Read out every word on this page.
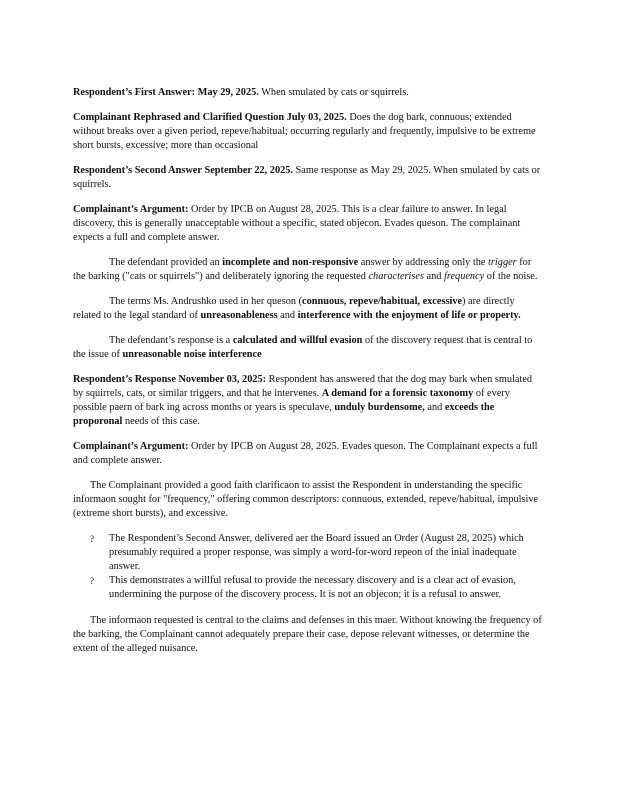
Respondent’s First Answer: May 29, 2025. When smulated by cats or squirrels.

Complainant Rephrased and Clarified Question July 03, 2025. Does the dog bark, connuous; extended without breaks over a given period, repeve/habitual; occurring regularly and frequently, impulsive to be extreme short bursts, excessive; more than occasional

Respondent’s Second Answer September 22, 2025. Same response as May 29, 2025. When smulated by cats or squirrels.

Complainant’s Argument: Order by IPCB on August 28, 2025. This is a clear failure to answer. In legal discovery, this is generally unacceptable without a specific, stated objecon. Evades queson. The complainant expects a full and complete answer.

The defendant provided an incomplete and non-responsive answer by addressing only the trigger for the barking ("cats or squirrels") and deliberately ignoring the requested characterises and frequency of the noise.

The terms Ms. Andrushko used in her queson (connuous, repeve/habitual, excessive) are directly related to the legal standard of unreasonableness and interference with the enjoyment of life or property.

The defendant’s response is a calculated and willful evasion of the discovery request that is central to the issue of unreasonable noise interference

Respondent’s Response November 03, 2025: Respondent has answered that the dog may bark when smulated by squirrels, cats, or similar triggers, and that he intervenes. A demand for a forensic taxonomy of every possible paern of bark ing across months or years is speculave, unduly burdensome, and exceeds the proporonal needs of this case.

Complainant’s Argument: Order by IPCB on August 28, 2025. Evades queson. The Complainant expects a full and complete answer.

The Complainant provided a good faith clarificaon to assist the Respondent in understanding the specific informaon sought for "frequency," offering common descriptors: connuous, extended, repeve/habitual, impulsive (extreme short bursts), and excessive.

? The Respondent’s Second Answer, delivered aer the Board issued an Order (August 28, 2025) which presumably required a proper response, was simply a word-for-word repeon of the inial inadequate answer.
? This demonstrates a willful refusal to provide the necessary discovery and is a clear act of evasion, undermining the purpose of the discovery process. It is not an objecon; it is a refusal to answer.

The informaon requested is central to the claims and defenses in this maer. Without knowing the frequency of the barking, the Complainant cannot adequately prepare their case, depose relevant witnesses, or determine the extent of the alleged nuisance.
